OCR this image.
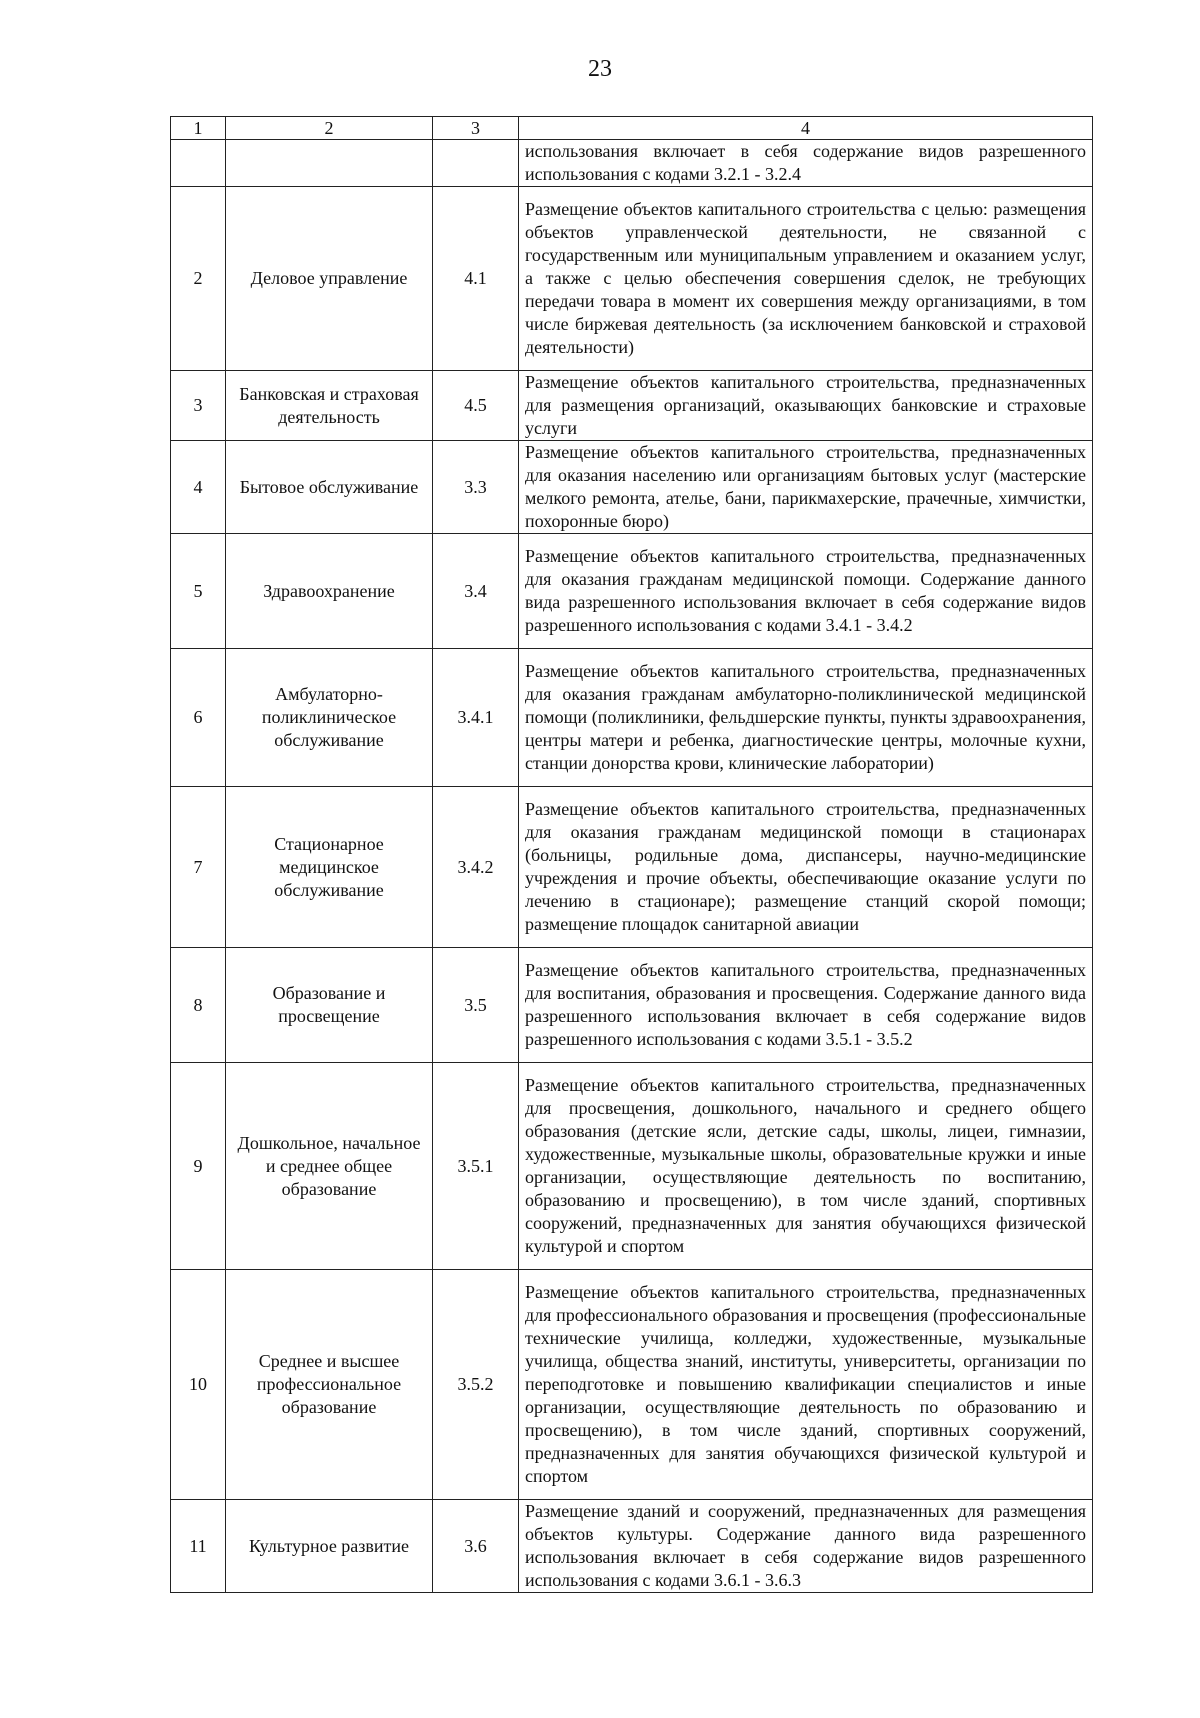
23
1	2	3	4
			использования включает в себя содержание видов разрешенного использования с кодами 3.2.1 - 3.2.4
2	Деловое управление	4.1	Размещение объектов капитального строительства с целью: размещения объектов управленческой деятельности, не связанной с государственным или муниципальным управлением и оказанием услуг, а также с целью обеспечения совершения сделок, не требующих передачи товара в момент их совершения между организациями, в том числе биржевая деятельность (за исключением банковской и страховой деятельности)
3	Банковская и страховая деятельность	4.5	Размещение объектов капитального строительства, предназначенных для размещения организаций, оказывающих банковские и страховые услуги
4	Бытовое обслуживание	3.3	Размещение объектов капитального строительства, предназначенных для оказания населению или организациям бытовых услуг (мастерские мелкого ремонта, ателье, бани, парикмахерские, прачечные, химчистки, похоронные бюро)
5	Здравоохранение	3.4	Размещение объектов капитального строительства, предназначенных для оказания гражданам медицинской помощи. Содержание данного вида разрешенного использования включает в себя содержание видов разрешенного использования с кодами 3.4.1 - 3.4.2
6	Амбулаторно-поликлиническое обслуживание	3.4.1	Размещение объектов капитального строительства, предназначенных для оказания гражданам амбулаторно-поликлинической медицинской помощи (поликлиники, фельдшерские пункты, пункты здравоохранения, центры матери и ребенка, диагностические центры, молочные кухни, станции донорства крови, клинические лаборатории)
7	Стационарное медицинское обслуживание	3.4.2	Размещение объектов капитального строительства, предназначенных для оказания гражданам медицинской помощи в стационарах (больницы, родильные дома, диспансеры, научно-медицинские учреждения и прочие объекты, обеспечивающие оказание услуги по лечению в стационаре); размещение станций скорой помощи; размещение площадок санитарной авиации
8	Образование и просвещение	3.5	Размещение объектов капитального строительства, предназначенных для воспитания, образования и просвещения. Содержание данного вида разрешенного использования включает в себя содержание видов разрешенного использования с кодами 3.5.1 - 3.5.2
9	Дошкольное, начальное и среднее общее образование	3.5.1	Размещение объектов капитального строительства, предназначенных для просвещения, дошкольного, начального и среднего общего образования (детские ясли, детские сады, школы, лицеи, гимназии, художественные, музыкальные школы, образовательные кружки и иные организации, осуществляющие деятельность по воспитанию, образованию и просвещению), в том числе зданий, спортивных сооружений, предназначенных для занятия обучающихся физической культурой и спортом
10	Среднее и высшее профессиональное образование	3.5.2	Размещение объектов капитального строительства, предназначенных для профессионального образования и просвещения (профессиональные технические училища, колледжи, художественные, музыкальные училища, общества знаний, институты, университеты, организации по переподготовке и повышению квалификации специалистов и иные организации, осуществляющие деятельность по образованию и просвещению), в том числе зданий, спортивных сооружений, предназначенных для занятия обучающихся физической культурой и спортом
11	Культурное развитие	3.6	Размещение зданий и сооружений, предназначенных для размещения объектов культуры. Содержание данного вида разрешенного использования включает в себя содержание видов разрешенного использования с кодами 3.6.1 - 3.6.3
